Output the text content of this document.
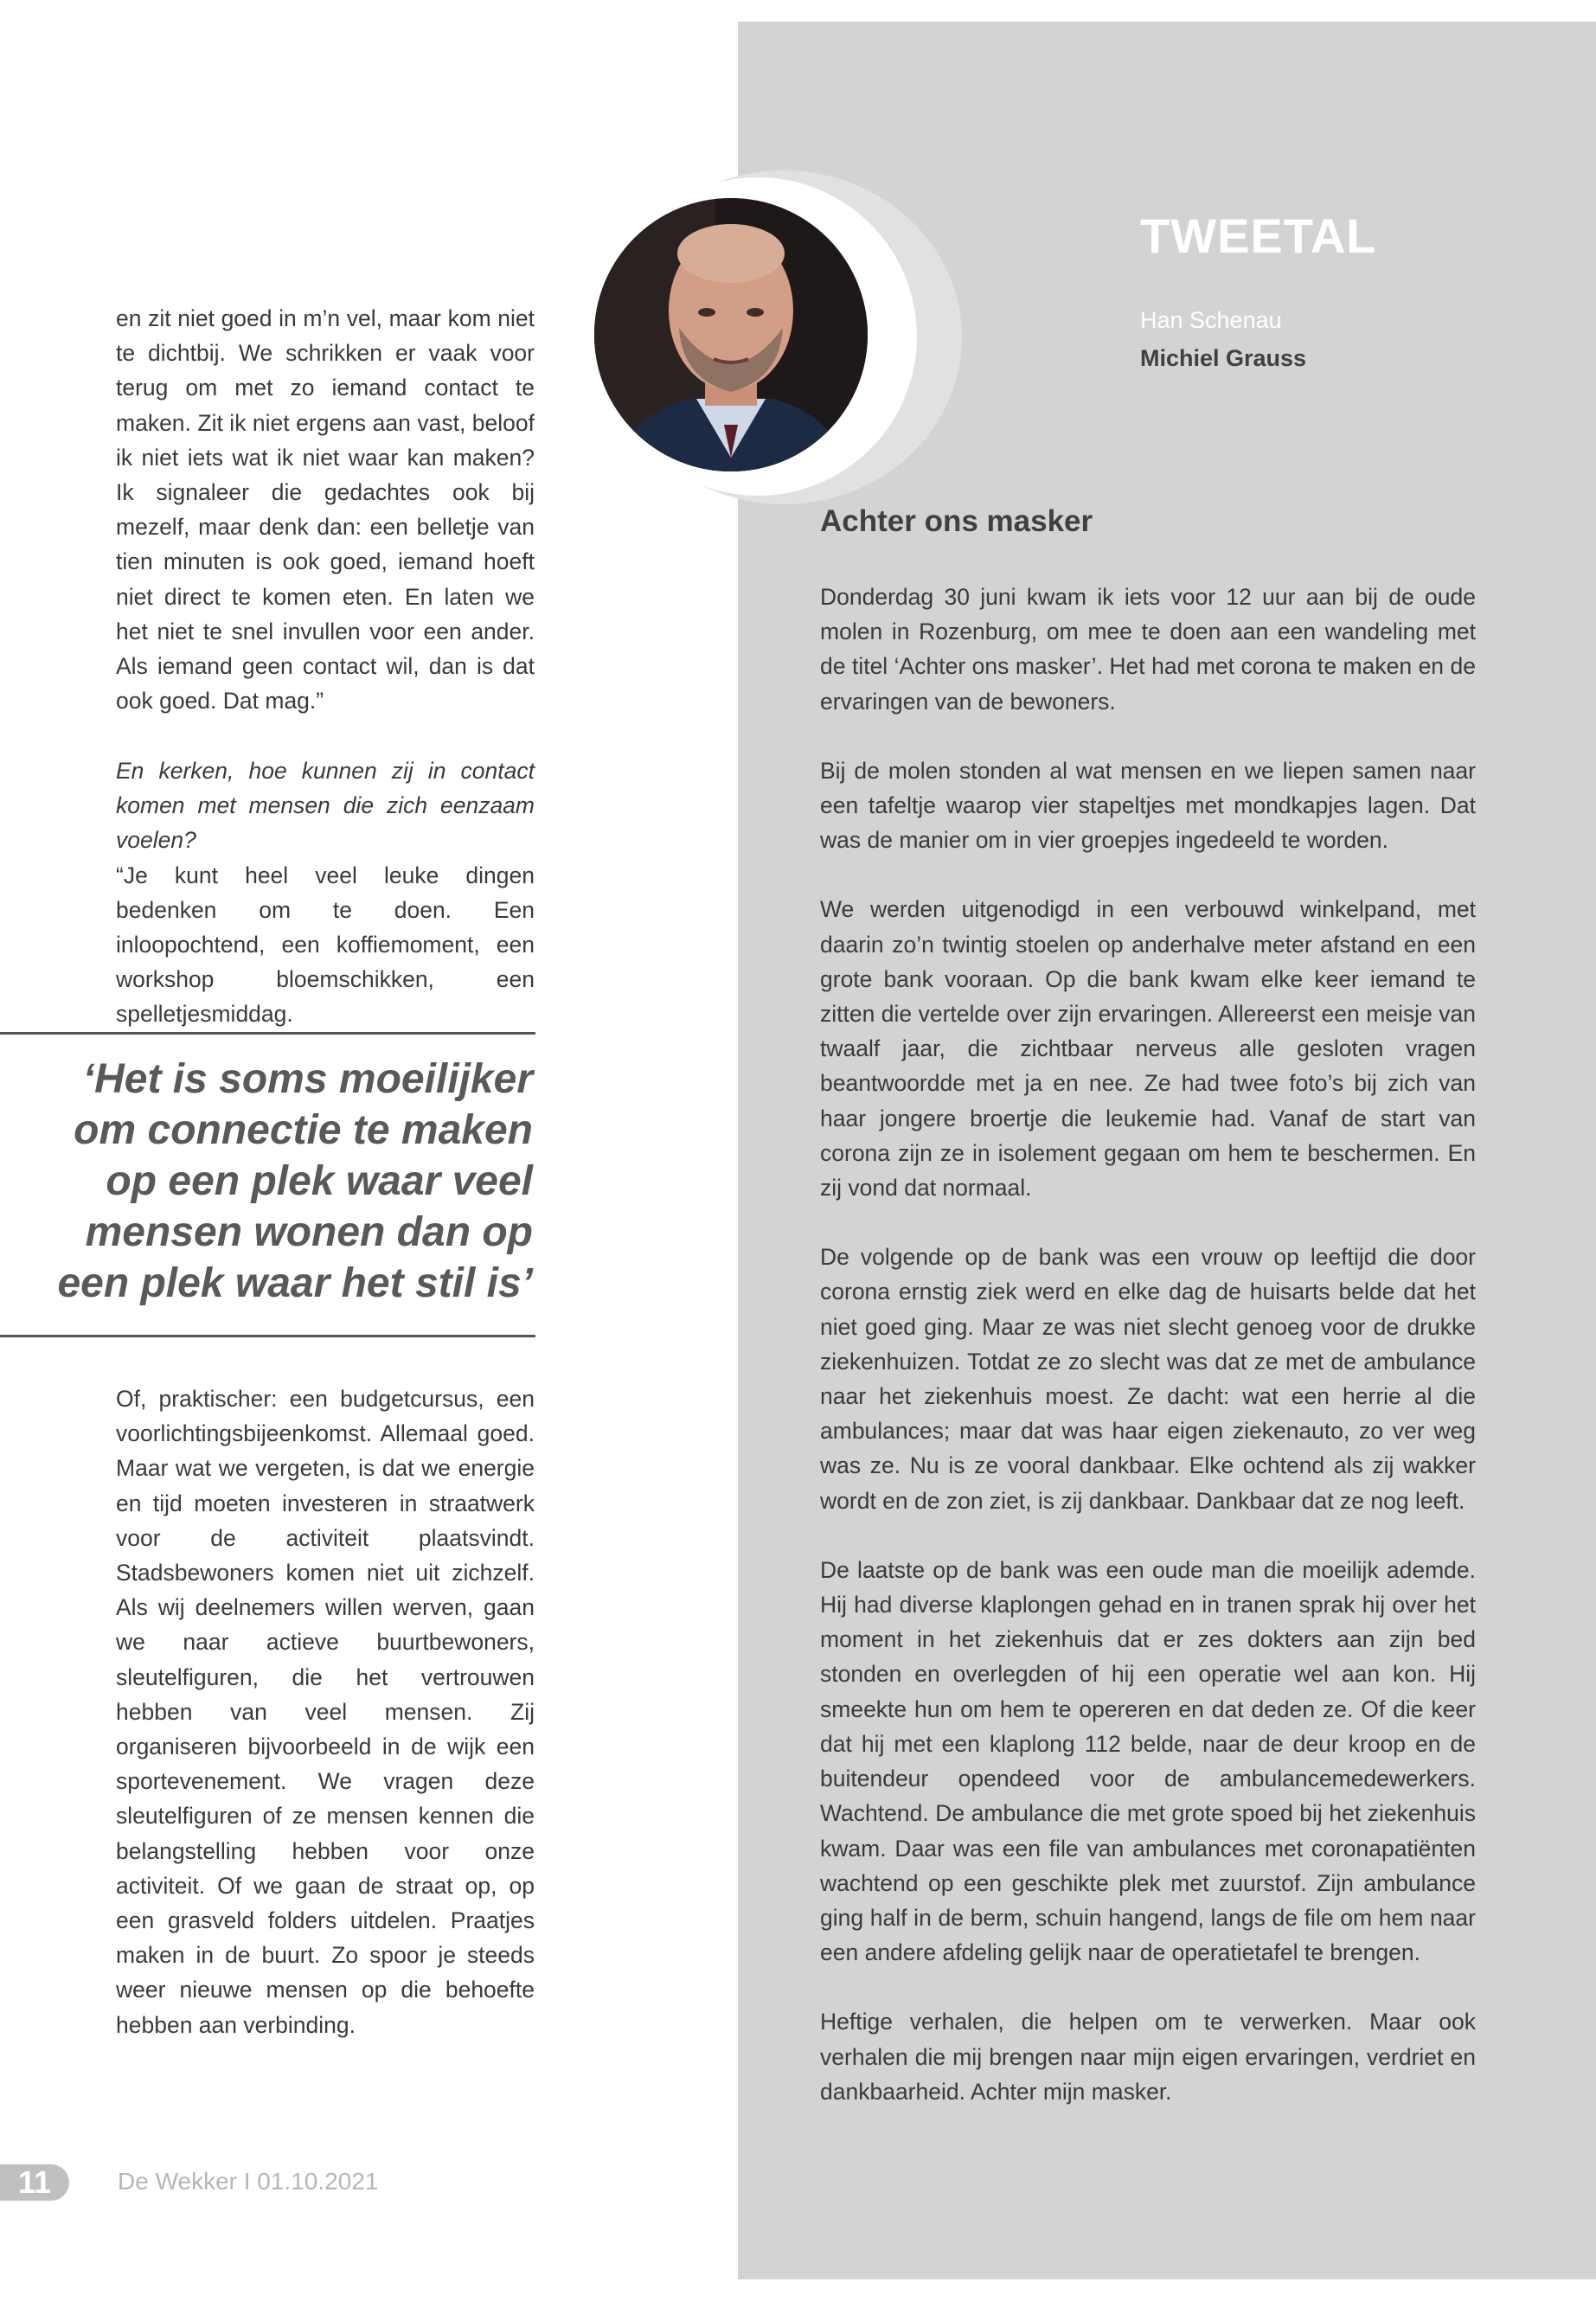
en zit niet goed in m’n vel, maar kom niet te dichtbij. We schrikken er vaak voor terug om met zo iemand contact te maken. Zit ik niet ergens aan vast, beloof ik niet iets wat ik niet waar kan maken? Ik signaleer die gedachtes ook bij mezelf, maar denk dan: een belletje van tien minuten is ook goed, iemand hoeft niet direct te komen eten. En laten we het niet te snel invullen voor een ander. Als iemand geen contact wil, dan is dat ook goed. Dat mag.”

En kerken, hoe kunnen zij in contact komen met mensen die zich eenzaam voelen?

“Je kunt heel veel leuke dingen bedenken om te doen. Een inloopochtend, een koffiemoment, een workshop bloemschikken, een spelletjesmiddag.

‘Het is soms moeilijker
om connectie te maken
op een plek waar veel
mensen wonen dan op
een plek waar het stil is’

Of, praktischer: een budgetcursus, een voorlichtingsbijeenkomst. Allemaal goed. Maar wat we vergeten, is dat we energie en tijd moeten investeren in straatwerk voor de activiteit plaatsvindt. Stadsbewoners komen niet uit zichzelf. Als wij deelnemers willen werven, gaan we naar actieve buurtbewoners, sleutelfiguren, die het vertrouwen hebben van veel mensen. Zij organiseren bijvoorbeeld in de wijk een sportevenement. We vragen deze sleutelfiguren of ze mensen kennen die belangstelling hebben voor onze activiteit. Of we gaan de straat op, op een grasveld folders uitdelen. Praatjes maken in de buurt. Zo spoor je steeds weer nieuwe mensen op die behoefte hebben aan verbinding.

TWEETAL
Han Schenau
Michiel Grauss
Achter ons masker

Donderdag 30 juni kwam ik iets voor 12 uur aan bij de oude molen in Rozenburg, om mee te doen aan een wandeling met de titel ‘Achter ons masker’. Het had met corona te maken en de ervaringen van de bewoners.

Bij de molen stonden al wat mensen en we liepen samen naar een tafeltje waarop vier stapeltjes met mondkapjes lagen. Dat was de manier om in vier groepjes ingedeeld te worden.

We werden uitgenodigd in een verbouwd winkelpand, met daarin zo’n twintig stoelen op anderhalve meter afstand en een grote bank vooraan. Op die bank kwam elke keer iemand te zitten die vertelde over zijn ervaringen. Allereerst een meisje van twaalf jaar, die zichtbaar nerveus alle gesloten vragen beantwoordde met ja en nee. Ze had twee foto’s bij zich van haar jongere broertje die leukemie had. Vanaf de start van corona zijn ze in isolement gegaan om hem te beschermen. En zij vond dat normaal.

De volgende op de bank was een vrouw op leeftijd die door corona ernstig ziek werd en elke dag de huisarts belde dat het niet goed ging. Maar ze was niet slecht genoeg voor de drukke ziekenhuizen. Totdat ze zo slecht was dat ze met de ambulance naar het ziekenhuis moest. Ze dacht: wat een herrie al die ambulances; maar dat was haar eigen ziekenauto, zo ver weg was ze. Nu is ze vooral dankbaar. Elke ochtend als zij wakker wordt en de zon ziet, is zij dankbaar. Dankbaar dat ze nog leeft.

De laatste op de bank was een oude man die moeilijk ademde. Hij had diverse klaplongen gehad en in tranen sprak hij over het moment in het ziekenhuis dat er zes dokters aan zijn bed stonden en overlegden of hij een operatie wel aan kon. Hij smeekte hun om hem te opereren en dat deden ze. Of die keer dat hij met een klaplong 112 belde, naar de deur kroop en de buitendeur opendeed voor de ambulancemedewerkers. Wachtend. De ambulance die met grote spoed bij het ziekenhuis kwam. Daar was een file van ambulances met coronapatiënten wachtend op een geschikte plek met zuurstof. Zijn ambulance ging half in de berm, schuin hangend, langs de file om hem naar een andere afdeling gelijk naar de operatietafel te brengen.

Heftige verhalen, die helpen om te verwerken. Maar ook verhalen die mij brengen naar mijn eigen ervaringen, verdriet en dankbaarheid. Achter mijn masker.

11	De Wekker I 01.10.2021
